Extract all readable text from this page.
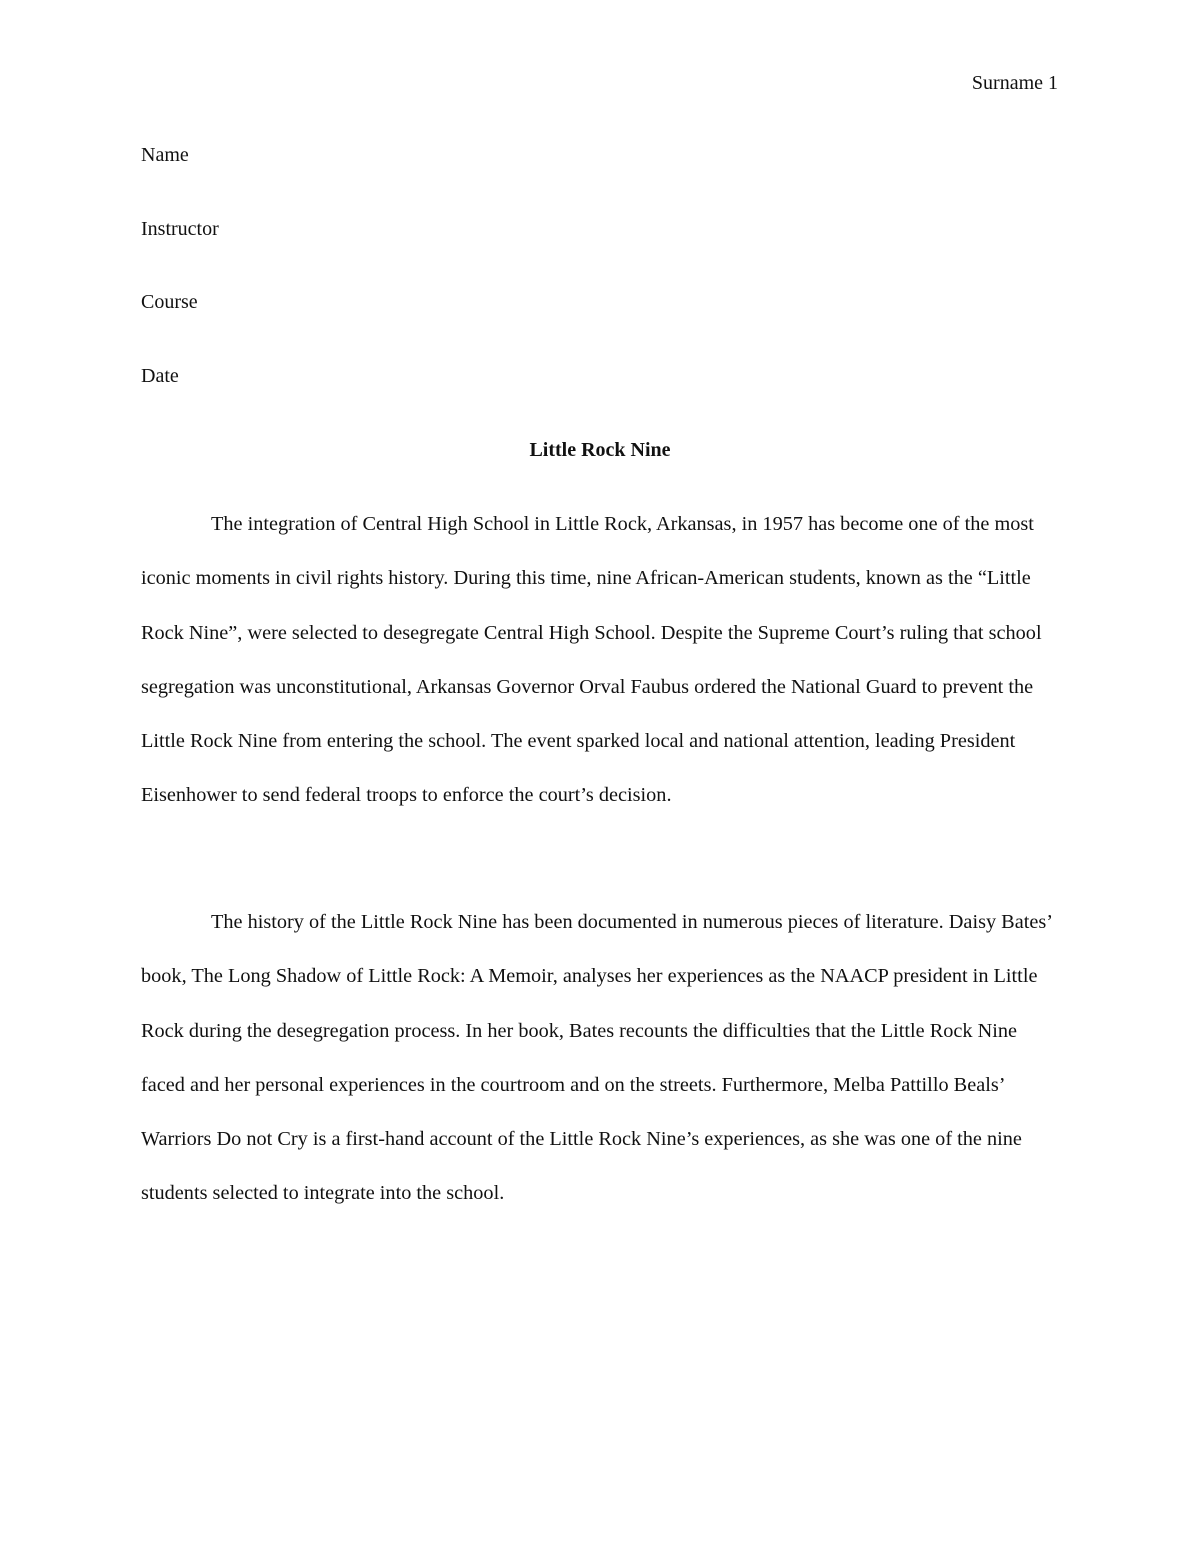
Surname 1
Name
Instructor
Course
Date
Little Rock Nine

The integration of Central High School in Little Rock, Arkansas, in 1957 has become one of the most iconic moments in civil rights history. During this time, nine African-American students, known as the “Little Rock Nine”, were selected to desegregate Central High School. Despite the Supreme Court’s ruling that school segregation was unconstitutional, Arkansas Governor Orval Faubus ordered the National Guard to prevent the Little Rock Nine from entering the school. The event sparked local and national attention, leading President Eisenhower to send federal troops to enforce the court’s decision.

The history of the Little Rock Nine has been documented in numerous pieces of literature. Daisy Bates’ book, The Long Shadow of Little Rock: A Memoir, analyses her experiences as the NAACP president in Little Rock during the desegregation process. In her book, Bates recounts the difficulties that the Little Rock Nine faced and her personal experiences in the courtroom and on the streets. Furthermore, Melba Pattillo Beals’ Warriors Do not Cry is a first-hand account of the Little Rock Nine’s experiences, as she was one of the nine students selected to integrate into the school.
